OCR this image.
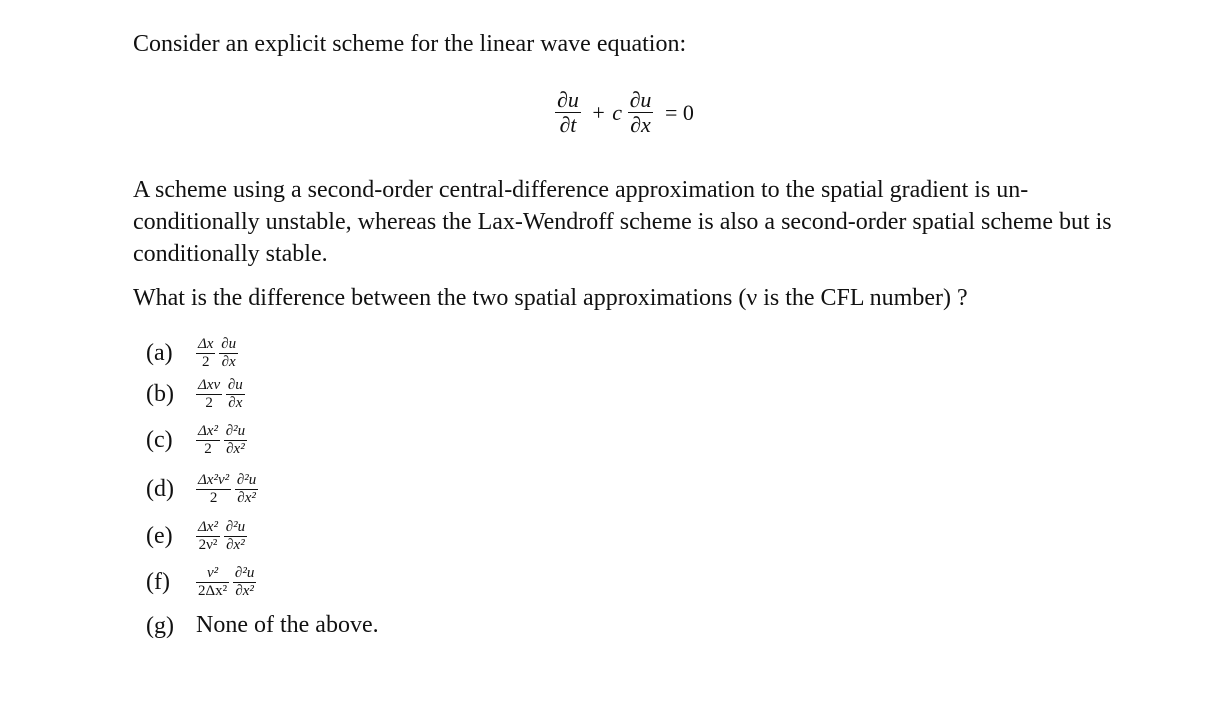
Consider an explicit scheme for the linear wave equation:
$\frac{\partial u}{\partial t} + c \frac{\partial u}{\partial x} = 0$
A scheme using a second-order central-difference approximation to the spatial gradient is un-conditionally unstable, whereas the Lax-Wendroff scheme is also a second-order spatial scheme but is conditionally stable.
What is the difference between the two spatial approximations (ν is the CFL number) ?
$(a) \frac{\Delta x}{2}$
$\frac{\partial u}{\partial x}$
$(b) \frac{\text{Δxν}}{2}$
$\frac{\partial u}{\partial x}$
$(c) \frac{\text{Δx²}}{2}$
$\frac{\text{∂²u}}{\text{∂x²}}$
$(d) \frac{\text{Δx²ν²}}{2}$
$\frac{\text{∂²u}}{\text{∂x²}}$
$(e) \frac{\text{Δx²}}{\text{2ν²}}$
$\frac{\text{∂²u}}{\text{∂x²}}$
$(f) \frac{\text{ν²}}{\text{2Δx²}}$
$\frac{\text{∂²u}}{\text{∂x²}}$
(g) None of the above.
